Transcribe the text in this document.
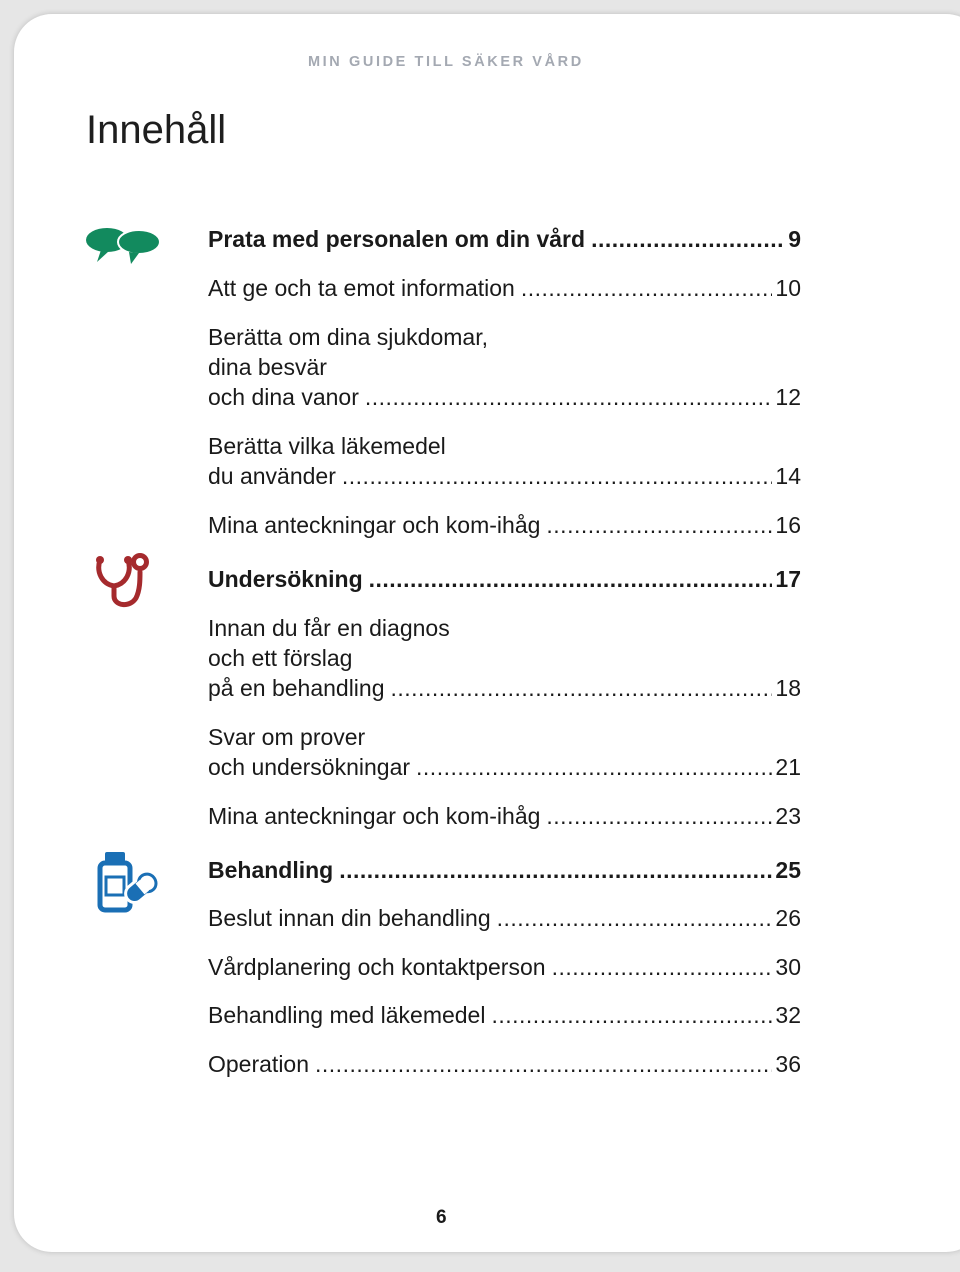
MIN GUIDE TILL SÄKER VÅRD
Innehåll
Prata med personalen om din vård .....	9
Att ge och ta emot information .....	10
Berätta om dina sjukdomar,
dina besvär
och dina vanor .....	12
Berätta vilka läkemedel
du använder .....	14
Mina anteckningar och kom-ihåg .....	16
Undersökning .....	17
Innan du får en diagnos
och ett förslag
på en behandling .....	18
Svar om prover
och undersökningar .....	21
Mina anteckningar och kom-ihåg .....	23
Behandling .....	25
Beslut innan din behandling .....	26
Vårdplanering och kontaktperson .....	30
Behandling med läkemedel .....	32
Operation .....	36
6
